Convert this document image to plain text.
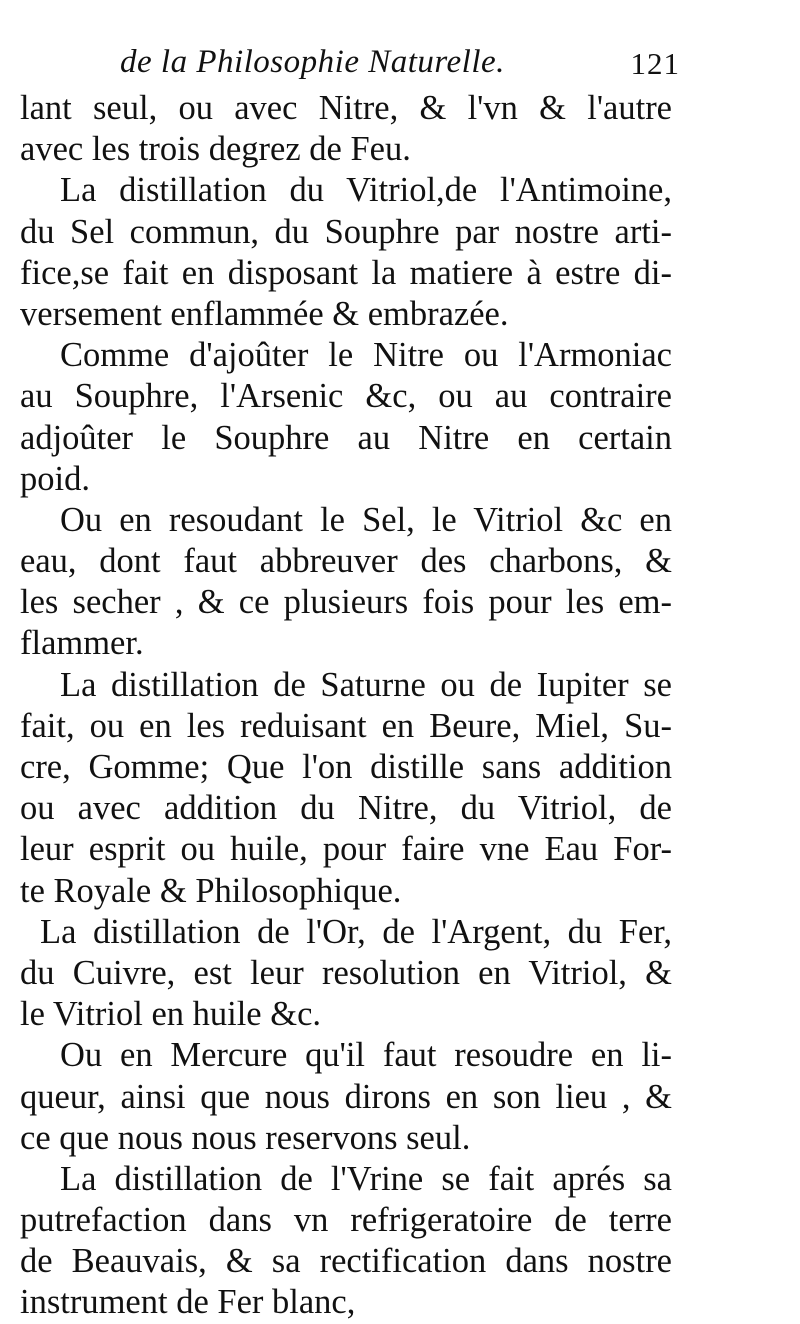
de la Philosophie Naturelle.	121
lant seul, ou avec Nitre, & l'vn & l'autre
avec les trois degrez de Feu.
La distillation du Vitriol,de l'Antimoine,
du Sel commun, du Souphre par nostre arti-
fice,se fait en disposant la matiere à estre di-
versement enflammée & embrazée.
Comme d'ajoûter le Nitre ou l'Armoniac
au Souphre, l'Arsenic &c, ou au contraire
adjoûter le Souphre au Nitre en certain
poid.
Ou en resoudant le Sel, le Vitriol &c en
eau, dont faut abbreuver des charbons, &
les secher , & ce plusieurs fois pour les em-
flammer.
La distillation de Saturne ou de Iupiter se
fait, ou en les reduisant en Beure, Miel, Su-
cre, Gomme; Que l'on distille sans addition
ou avec addition du Nitre, du Vitriol, de
leur esprit ou huile, pour faire vne Eau For-
te Royale & Philosophique.
La distillation de l'Or, de l'Argent, du Fer,
du Cuivre, est leur resolution en Vitriol, &
le Vitriol en huile &c.
Ou en Mercure qu'il faut resoudre en li-
queur, ainsi que nous dirons en son lieu , &
ce que nous nous reservons seul.
La distillation de l'Vrine se fait aprés sa
putrefaction dans vn refrigeratoire de terre
de Beauvais, & sa rectification dans nostre
instrument de Fer blanc,
